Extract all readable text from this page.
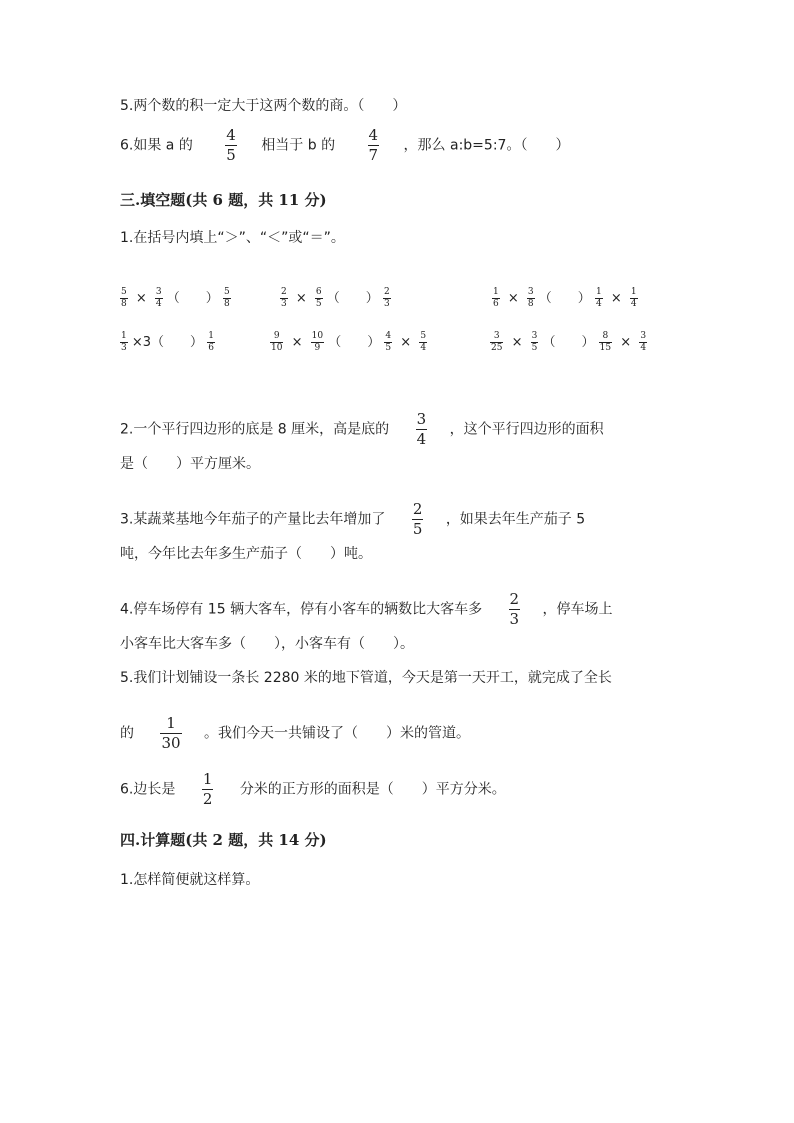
5.两个数的积一定大于这两个数的商。（　　）
6.如果 a 的 $\frac{4}{5}$ 相当于 b 的 $\frac{4}{7}$ ，那么 a:b=5:7。（　　）
三.填空题(共 6 题，共 11 分)
1.在括号内填上“＞”、“＜”或“＝”。
$\frac{5}{8} \times \frac{3}{4}$ （　　） $\frac{5}{8}$	$\frac{2}{3} \times \frac{6}{5}$ （　　） $\frac{2}{3}$	$\frac{1}{6} \times \frac{3}{8}$ （　　） $\frac{1}{4} \times \frac{1}{4}$
$\frac{1}{3} \times 3$（　　） $\frac{1}{6}$	$\frac{9}{10} \times \frac{10}{9}$ （　　） $\frac{4}{5} \times \frac{5}{4}$	$\frac{3}{25} \times \frac{3}{5}$ （　　） $\frac{8}{15} \times \frac{3}{4}$
2.一个平行四边形的底是 8 厘米，高是底的 $\frac{3}{4}$ ，这个平行四边形的面积
是（　　）平方厘米。
3.某蔬菜基地今年茄子的产量比去年增加了 $\frac{2}{5}$ ，如果去年生产茄子 5
吨，今年比去年多生产茄子（　　）吨。
4.停车场停有 15 辆大客车，停有小客车的辆数比大客车多 $\frac{2}{3}$ ，停车场上
小客车比大客车多（　　），小客车有（　　）。
5.我们计划铺设一条长 2280 米的地下管道，今天是第一天开工，就完成了全长
的 $\frac{1}{30}$ 。我们今天一共铺设了（　　）米的管道。
6.边长是 $\frac{1}{2}$ 分米的正方形的面积是（　　）平方分米。
四.计算题(共 2 题，共 14 分)
1.怎样简便就这样算。
